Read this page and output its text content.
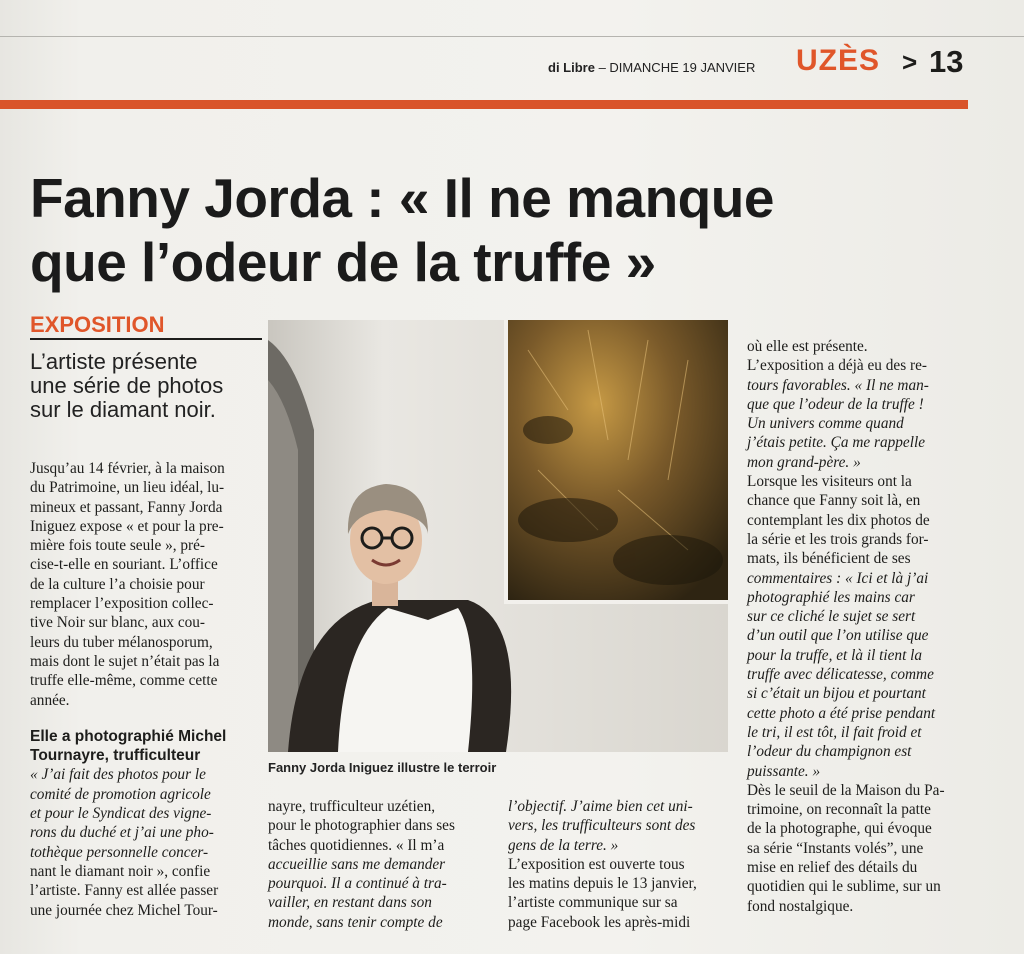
di Libre – DIMANCHE 19 JANVIER UZÈS > 13
Fanny Jorda : « Il ne manque
que l’odeur de la truffe »
EXPOSITION
L’artiste présente
une série de photos
sur le diamant noir.

Jusqu’au 14 février, à la maison
du Patrimoine, un lieu idéal, lu-
mineux et passant, Fanny Jorda
Iniguez expose « et pour la pre-
mière fois toute seule », pré-
cise-t-elle en souriant. L’office
de la culture l’a choisie pour
remplacer l’exposition collec-
tive Noir sur blanc, aux cou-
leurs du tuber mélanosporum,
mais dont le sujet n’était pas la
truffe elle-même, comme cette
année.

Elle a photographié Michel
Tournayre, trufficulteur

« J’ai fait des photos pour le
comité de promotion agricole
et pour le Syndicat des vigne-
rons du duché et j’ai une pho-
tothèque personnelle concer-
nant le diamant noir », confie
l’artiste. Fanny est allée passer
une journée chez Michel Tour-

Fanny Jorda Iniguez illustre le terroir
nayre, trufficulteur uzétien,
pour le photographier dans ses
tâches quotidiennes. « Il m’a
accueillie sans me demander
pourquoi. Il a continué à tra-
vailler, en restant dans son
monde, sans tenir compte de
l’objectif. J’aime bien cet uni-
vers, les trufficulteurs sont des
gens de la terre. »
L’exposition est ouverte tous
les matins depuis le 13 janvier,
l’artiste communique sur sa
page Facebook les après-midi
où elle est présente.
L’exposition a déjà eu des re-
tours favorables. « Il ne man-
que que l’odeur de la truffe !
Un univers comme quand
j’étais petite. Ça me rappelle
mon grand-père. »
Lorsque les visiteurs ont la
chance que Fanny soit là, en
contemplant les dix photos de
la série et les trois grands for-
mats, ils bénéficient de ses
commentaires : « Ici et là j’ai
photographié les mains car
sur ce cliché le sujet se sert
d’un outil que l’on utilise que
pour la truffe, et là il tient la
truffe avec délicatesse, comme
si c’était un bijou et pourtant
cette photo a été prise pendant
le tri, il est tôt, il fait froid et
l’odeur du champignon est
puissante. »
Dès le seuil de la Maison du Pa-
trimoine, on reconnaît la patte
de la photographe, qui évoque
sa série “Instants volés”, une
mise en relief des détails du
quotidien qui le sublime, sur un
fond nostalgique.
